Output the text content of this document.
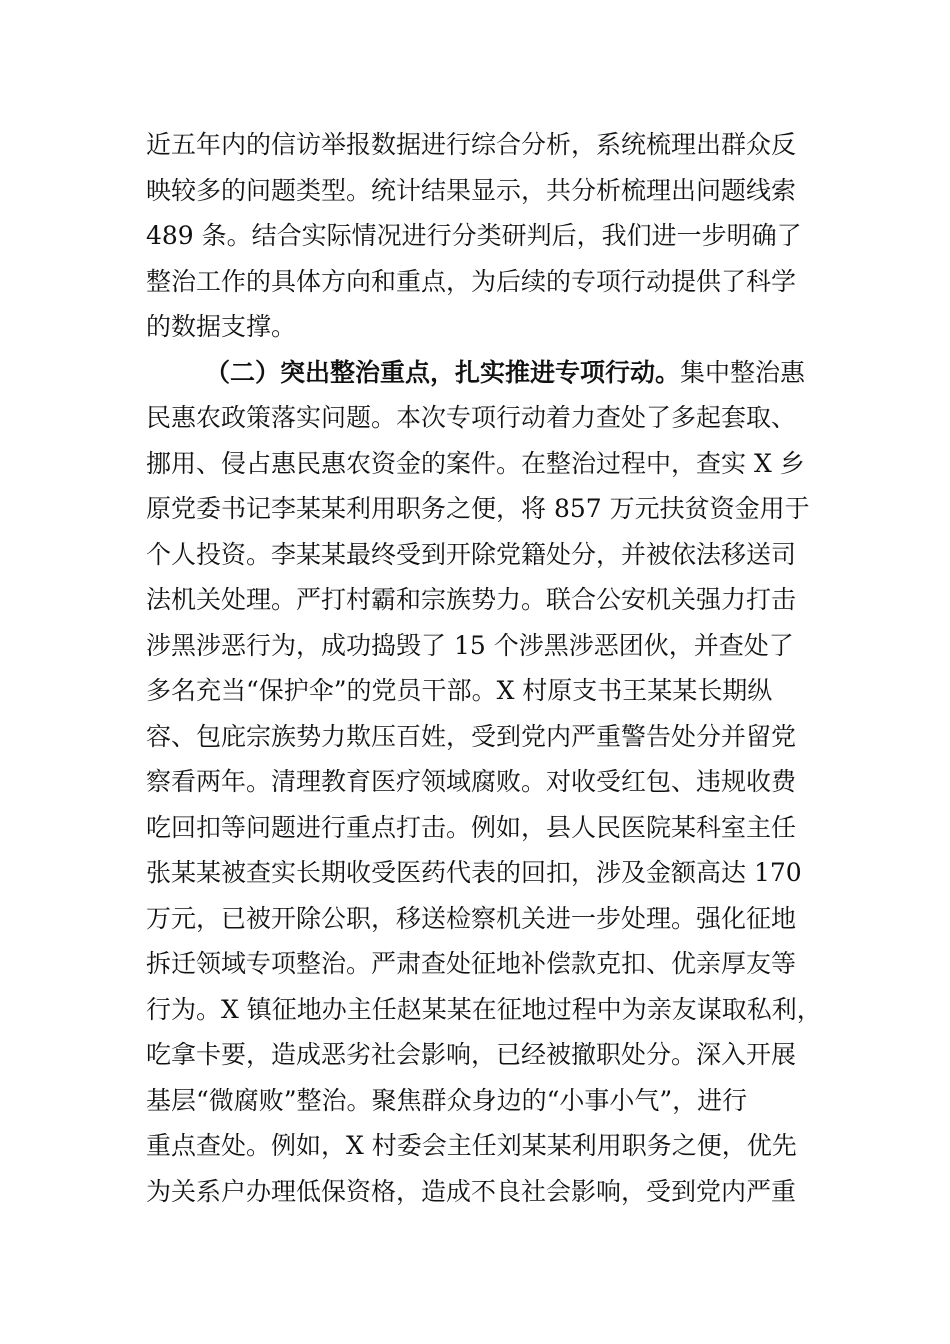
近五年内的信访举报数据进行综合分析，系统梳理出群众反
映较多的问题类型。统计结果显示，共分析梳理出问题线索
489 条。结合实际情况进行分类研判后，我们进一步明确了
整治工作的具体方向和重点，为后续的专项行动提供了科学
的数据支撑。
（二）突出整治重点，扎实推进专项行动。集中整治惠
民惠农政策落实问题。本次专项行动着力查处了多起套取、
挪用、侵占惠民惠农资金的案件。在整治过程中，查实 X 乡
原党委书记李某某利用职务之便，将 857 万元扶贫资金用于
个人投资。李某某最终受到开除党籍处分，并被依法移送司
法机关处理。严打村霸和宗族势力。联合公安机关强力打击
涉黑涉恶行为，成功捣毁了 15 个涉黑涉恶团伙，并查处了
多名充当“保护伞”的党员干部。X 村原支书王某某长期纵
容、包庇宗族势力欺压百姓，受到党内严重警告处分并留党
察看两年。清理教育医疗领域腐败。对收受红包、违规收费
吃回扣等问题进行重点打击。例如，县人民医院某科室主任
张某某被查实长期收受医药代表的回扣，涉及金额高达 170
万元，已被开除公职，移送检察机关进一步处理。强化征地
拆迁领域专项整治。严肃查处征地补偿款克扣、优亲厚友等
行为。X 镇征地办主任赵某某在征地过程中为亲友谋取私利，
吃拿卡要，造成恶劣社会影响，已经被撤职处分。深入开展
基层“微腐败”整治。聚焦群众身边的“小事小气”，进行
重点查处。例如，X 村委会主任刘某某利用职务之便，优先
为关系户办理低保资格，造成不良社会影响，受到党内严重
